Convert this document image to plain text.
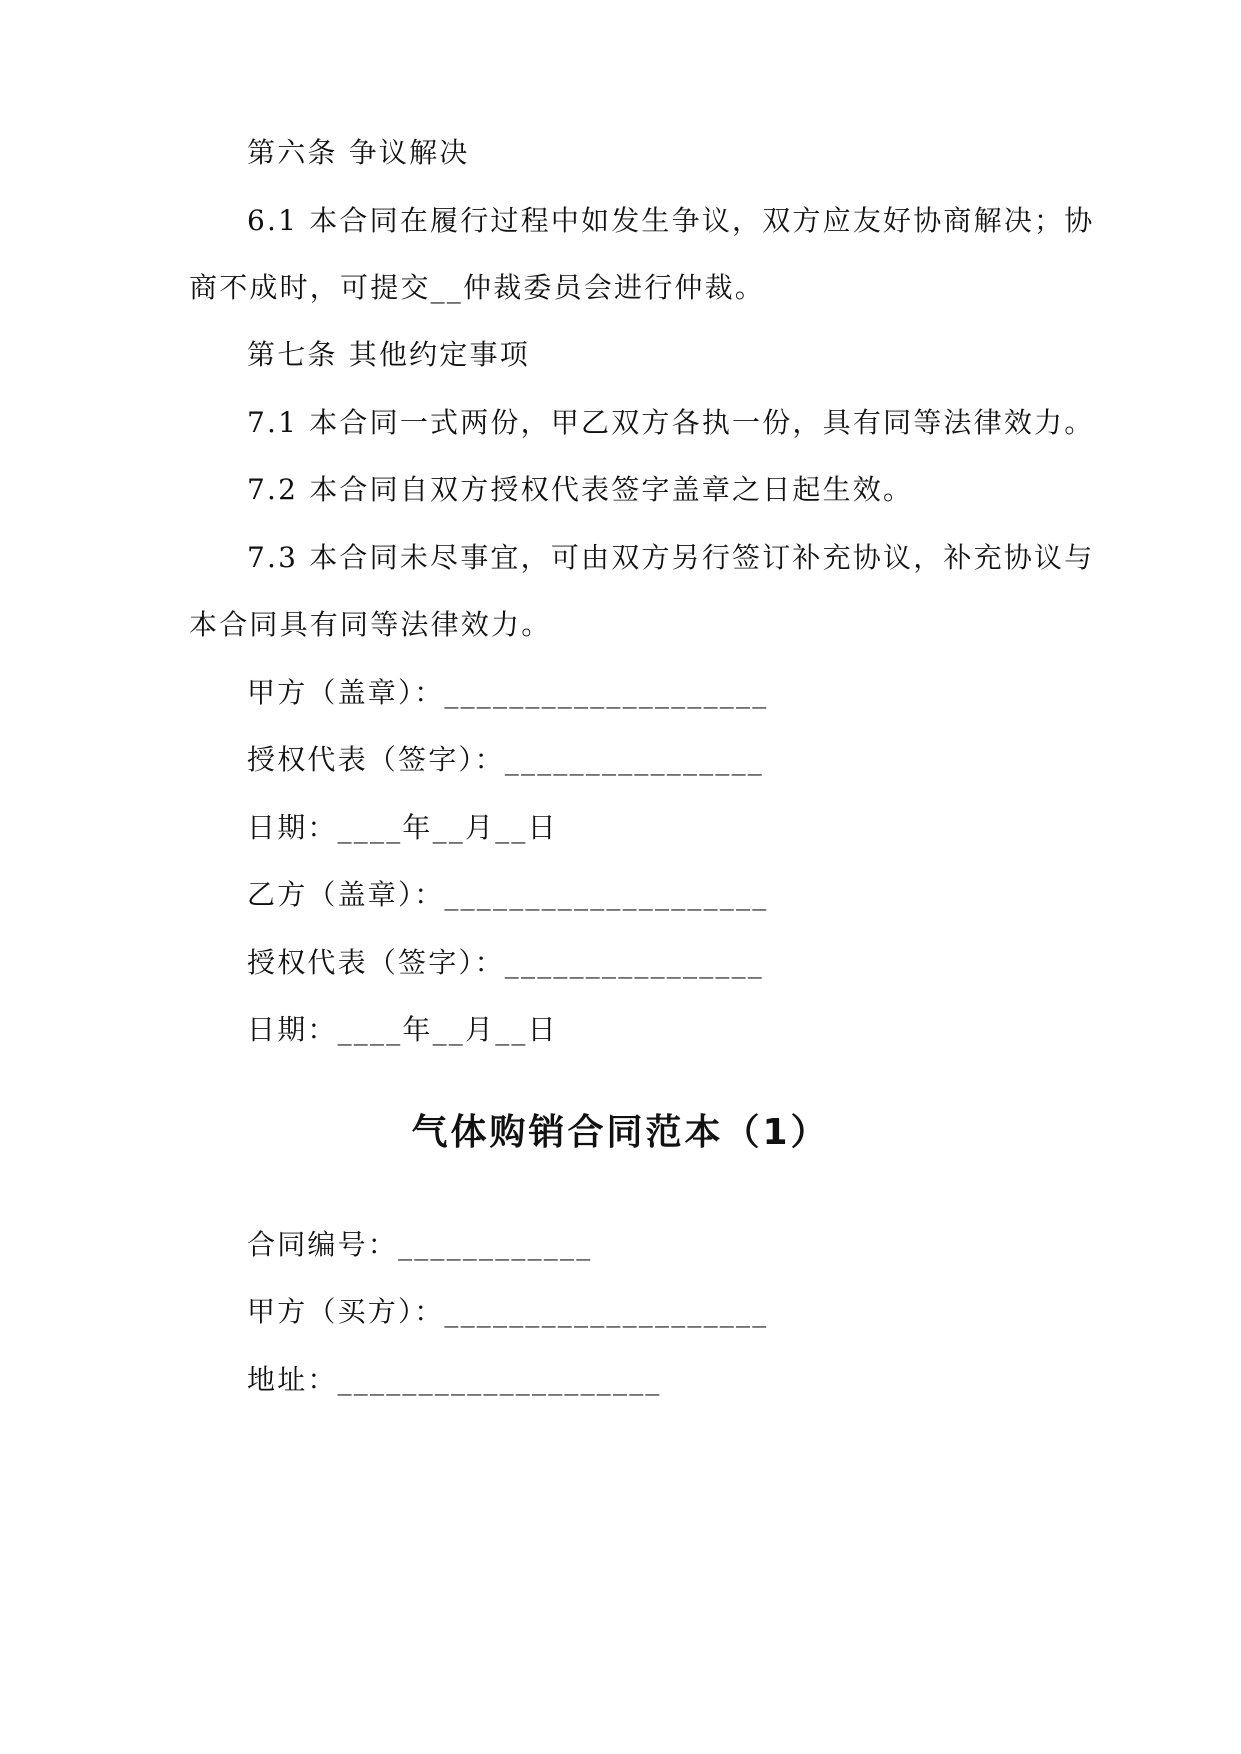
第六条 争议解决
6.1 本合同在履行过程中如发生争议，双方应友好协商解决；协
商不成时，可提交__仲裁委员会进行仲裁。
第七条 其他约定事项
7.1 本合同一式两份，甲乙双方各执一份，具有同等法律效力。
7.2 本合同自双方授权代表签字盖章之日起生效。
7.3 本合同未尽事宜，可由双方另行签订补充协议，补充协议与
本合同具有同等法律效力。
甲方（盖章）：____________________
授权代表（签字）：________________
日期：____年__月__日
乙方（盖章）：____________________
授权代表（签字）：________________
日期：____年__月__日
气体购销合同范本（1）
合同编号：____________
甲方（买方）：____________________
地址：____________________
